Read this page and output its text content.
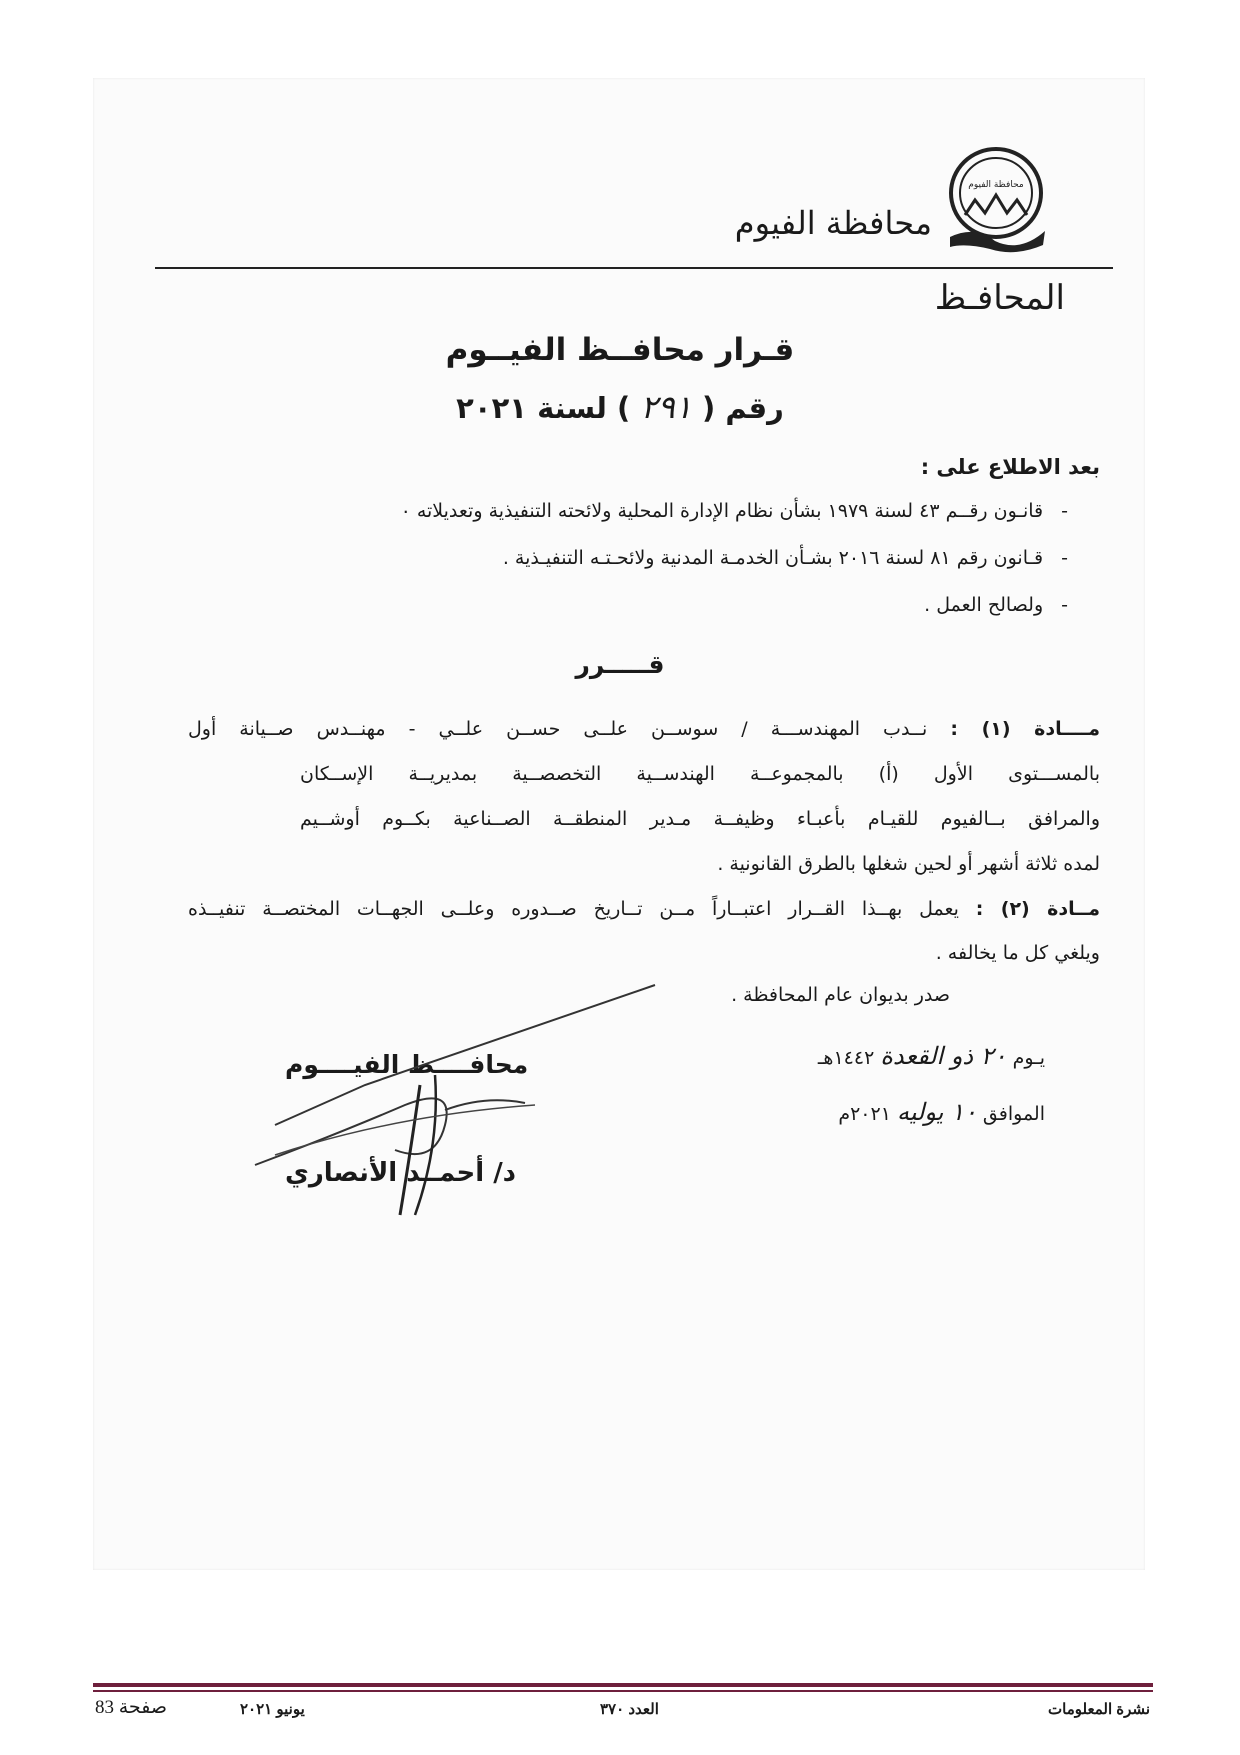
محافظة الفيوم
محافظة الفيوم
المحافـظ
قـرار محافــظ الفيــوم
رقم ( ٢٩١ ) لسنة ٢٠٢١
بعد الاطلاع على :
-قانـون رقــم ٤٣ لسنة ١٩٧٩ بشأن نظام الإدارة المحلية ولائحته التنفيذية وتعديلاته ٠
-قـانون رقم ٨١ لسنة ٢٠١٦ بشـأن الخدمـة المدنية ولائحـتـه التنفيـذية .
-ولصالح العمل .
قـــــرر
مــــادة (١) : نــدب المهندســـة / سوســن علــى حســن علــي - مهنــدس صــيانة أول
بالمســـتوى الأول (أ) بالمجموعــة الهندســية التخصصــية بمديريــة الإســكان
والمرافق بــالفيوم للقيـام بأعبـاء وظيفــة مـدير المنطقــة الصــناعية بكــوم أوشــيم
لمده ثلاثة أشهر أو لحين شغلها بالطرق القانونية .
مــادة (٢) : يعمل بهــذا القــرار اعتبــاراً مــن تــاريخ صــدوره وعلــى الجهــات المختصــة تنفيــذه
ويلغي كل ما يخالفه .
صدر بديوان عام المحافظة .
يـوم ٢٠ ذو القعدة ١٤٤٢هـ
الموافق ١٠ يوليه ٢٠٢١م
محافــــظ الفيــــوم
د/ أحمــد الأنصاري
نشرة المعلومات
العدد ٣٧٠
يونيو ٢٠٢١
صفحة 83
